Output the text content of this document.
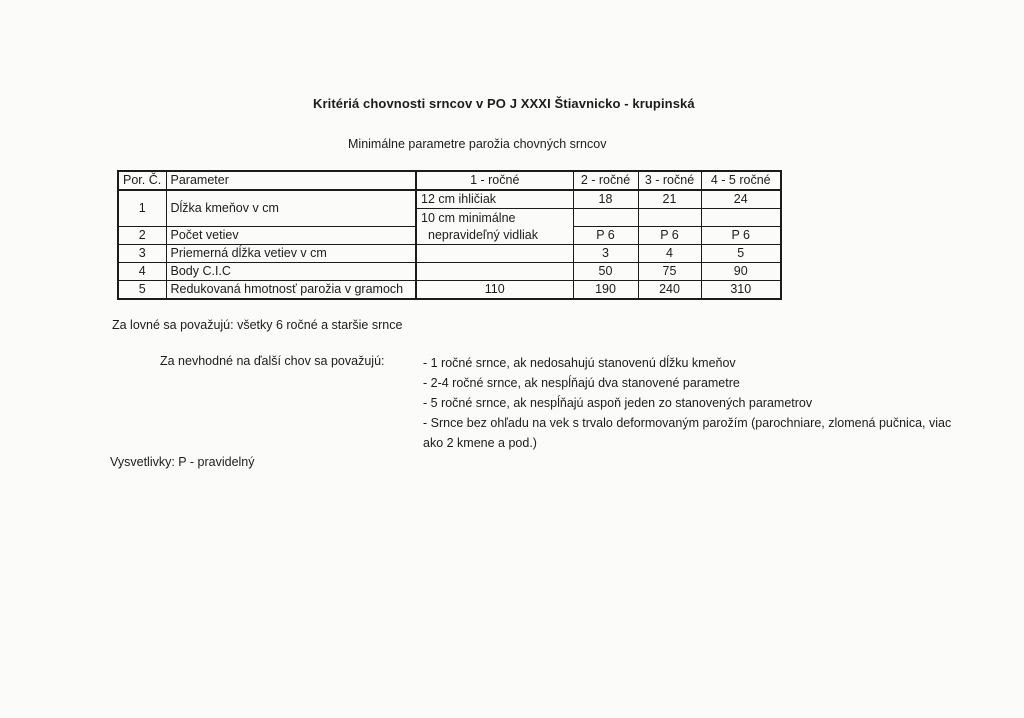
Kritériá chovnosti srncov v PO J XXXI Štiavnicko - krupinská
Minimálne parametre parožia chovných srncov
Por. Č.	Parameter	1 - ročné	2 - ročné	3 - ročné	4 - 5 ročné
1	Dĺžka kmeňov v cm	12 cm ihličiak	18	21	24

		10 cm minimálne
nepravideľný vidliak			

2	Počet vetiev		P 6	P 6	P 6
3	Priemerná dĺžka vetiev v cm		3	4	5
4	Body C.I.C		50	75	90
5	Redukovaná hmotnosť parožia v gramoch	110	190	240	310
Za lovné sa považujú: všetky 6 ročné a staršie srnce
Za nevhodné na ďalší chov sa považujú:	- 1 ročné srnce, ak nedosahujú stanovenú dĺžku kmeňov
- 2-4 ročné srnce, ak nespĺňajú dva stanovené parametre
- 5 ročné srnce, ak nespĺňajú aspoň jeden zo stanovených parametrov
- Srnce bez ohľadu na vek s trvalo deformovaným parožím (parochniare, zlomená pučnica, viac ako 2 kmene a pod.)
Vysvetlivky: P - pravidelný
